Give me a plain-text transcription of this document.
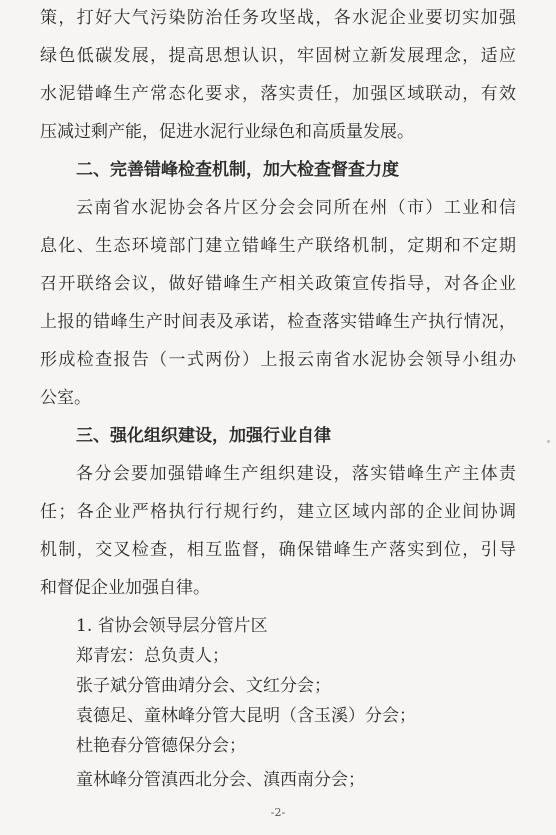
策，打好大气污染防治任务攻坚战，各水泥企业要切实加强
绿色低碳发展，提高思想认识，牢固树立新发展理念，适应
水泥错峰生产常态化要求，落实责任，加强区域联动，有效
压减过剩产能，促进水泥行业绿色和高质量发展。
二、完善错峰检查机制，加大检查督查力度
云南省水泥协会各片区分会会同所在州（市）工业和信
息化、生态环境部门建立错峰生产联络机制，定期和不定期
召开联络会议，做好错峰生产相关政策宣传指导，对各企业
上报的错峰生产时间表及承诺，检查落实错峰生产执行情况，
形成检查报告（一式两份）上报云南省水泥协会领导小组办
公室。
三、强化组织建设，加强行业自律
各分会要加强错峰生产组织建设，落实错峰生产主体责
任；各企业严格执行行规行约，建立区域内部的企业间协调
机制，交叉检查，相互监督，确保错峰生产落实到位，引导
和督促企业加强自律。
1. 省协会领导层分管片区
郑青宏：总负责人；
张子斌分管曲靖分会、文红分会；
袁德足、童林峰分管大昆明（含玉溪）分会；
杜艳春分管德保分会；
-2-
童林峰分管滇西北分会、滇西南分会；
